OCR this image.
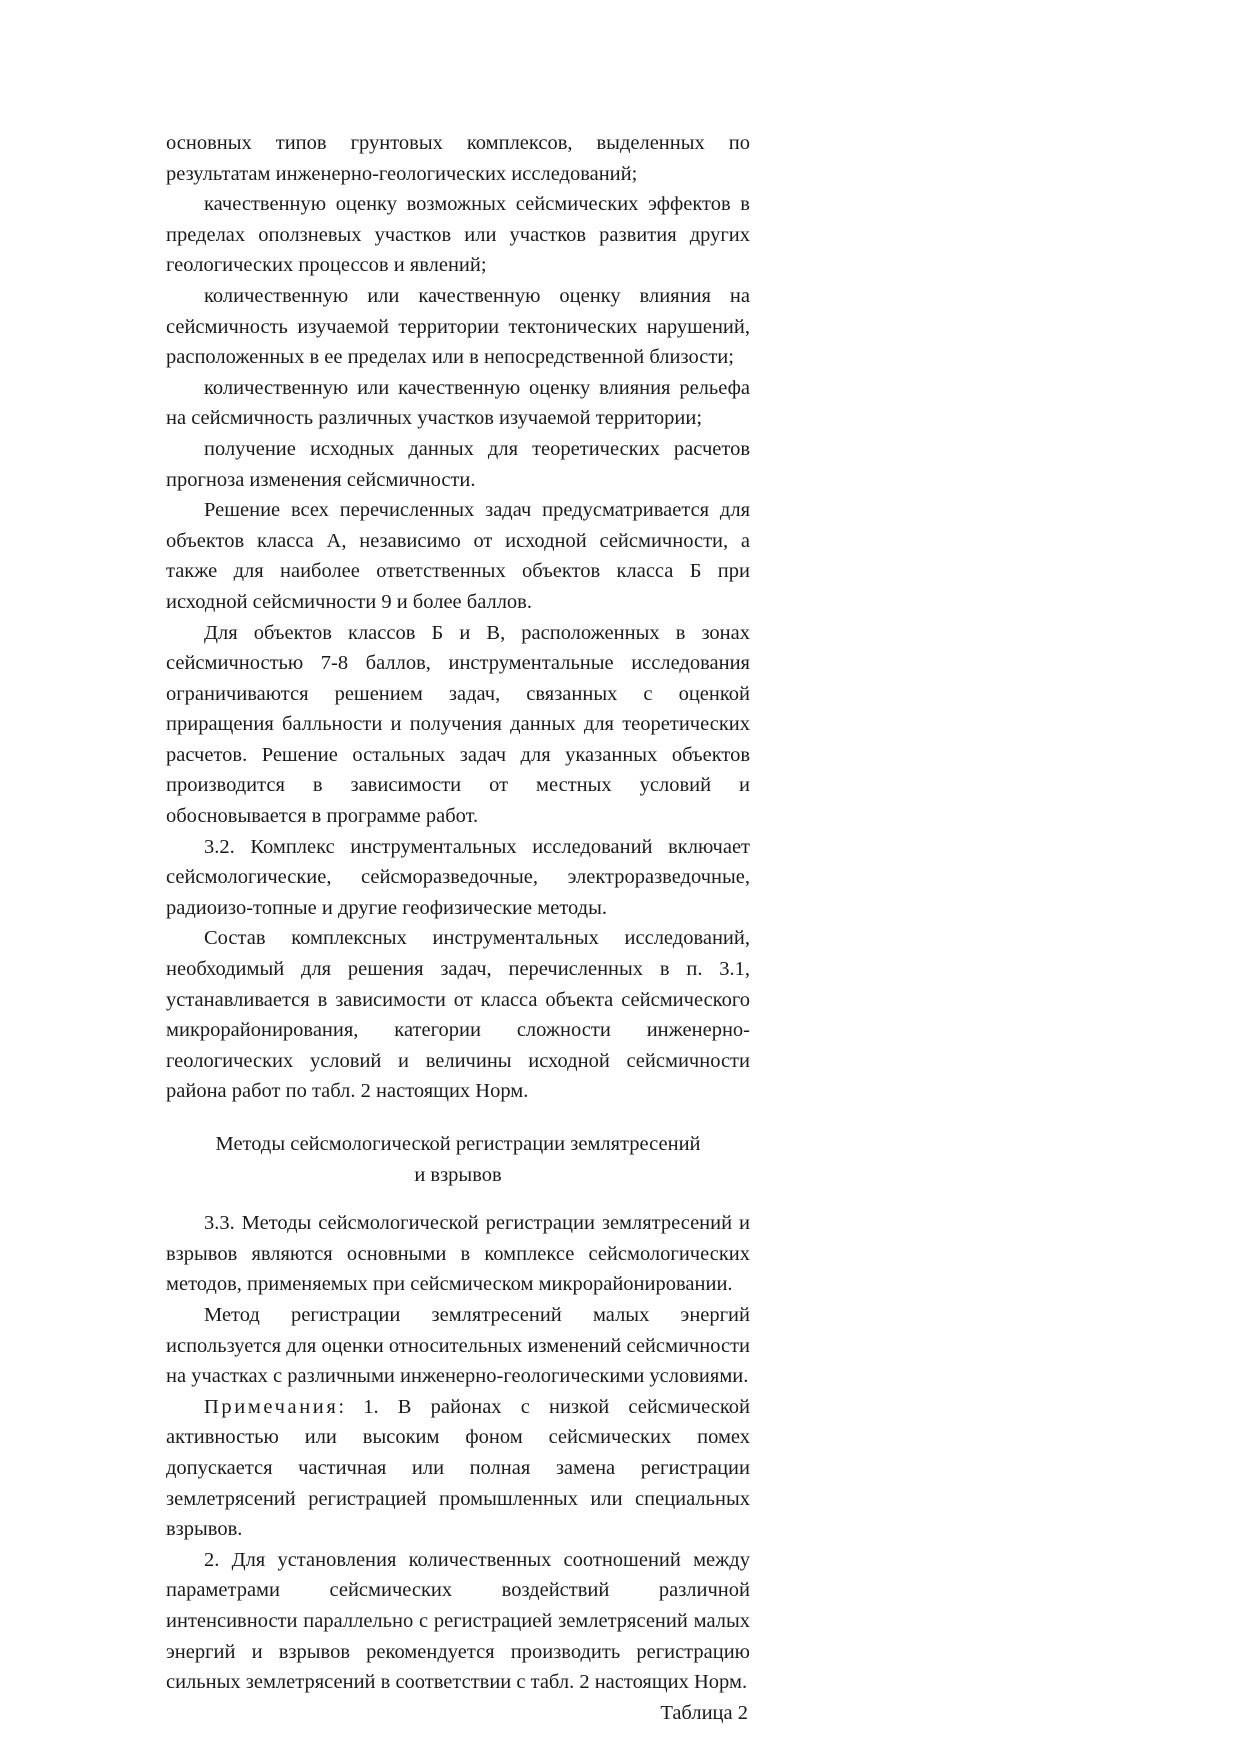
основных типов грунтовых комплексов, выделенных по результатам инженерно-геологических исследований;

качественную оценку возможных сейсмических эффектов в пределах оползневых участков или участков развития других геологических процессов и явлений;

количественную или качественную оценку влияния на сейсмичность изучаемой территории тектонических нарушений, расположенных в ее пределах или в непосредственной близости;

количественную или качественную оценку влияния рельефа на сейсмичность различных участков изучаемой территории;

получение исходных данных для теоретических расчетов прогноза изменения сейсмичности.

Решение всех перечисленных задач предусматривается для объектов класса А, независимо от исходной сейсмичности, а также для наиболее ответственных объектов класса Б при исходной сейсмичности 9 и более баллов.

Для объектов классов Б и В, расположенных в зонах сейсмичностью 7-8 баллов, инструментальные исследования ограничиваются решением задач, связанных с оценкой приращения балльности и получения данных для теоретических расчетов. Решение остальных задач для указанных объектов производится в зависимости от местных условий и обосновывается в программе работ.

3.2. Комплекс инструментальных исследований включает сейсмологические, сейсморазведочные, электроразведочные, радиоизо-топные и другие геофизические методы.

Состав комплексных инструментальных исследований, необходимый для решения задач, перечисленных в п. 3.1, устанавливается в зависимости от класса объекта сейсмического микрорайонирования, категории сложности инженерно-геологических условий и величины исходной сейсмичности района работ по табл. 2 настоящих Норм.

Методы сейсмологической регистрации землятресений

и взрывов

3.3. Методы сейсмологической регистрации землятресений и взрывов являются основными в комплексе сейсмологических методов, применяемых при сейсмическом микрорайонировании.

Метод регистрации землятресений малых энергий используется для оценки относительных изменений сейсмичности на участках с различными инженерно-геологическими условиями.

Примечания: 1. В районах с низкой сейсмической активностью или высоким фоном сейсмических помех допускается частичная или полная замена регистрации землетрясений регистрацией промышленных или специальных взрывов.

2. Для установления количественных соотношений между параметрами сейсмических воздействий различной интенсивности параллельно с регистрацией землетрясений малых энергий и взрывов рекомендуется производить регистрацию сильных землетрясений в соответствии с табл. 2 настоящих Норм.

Таблица 2
